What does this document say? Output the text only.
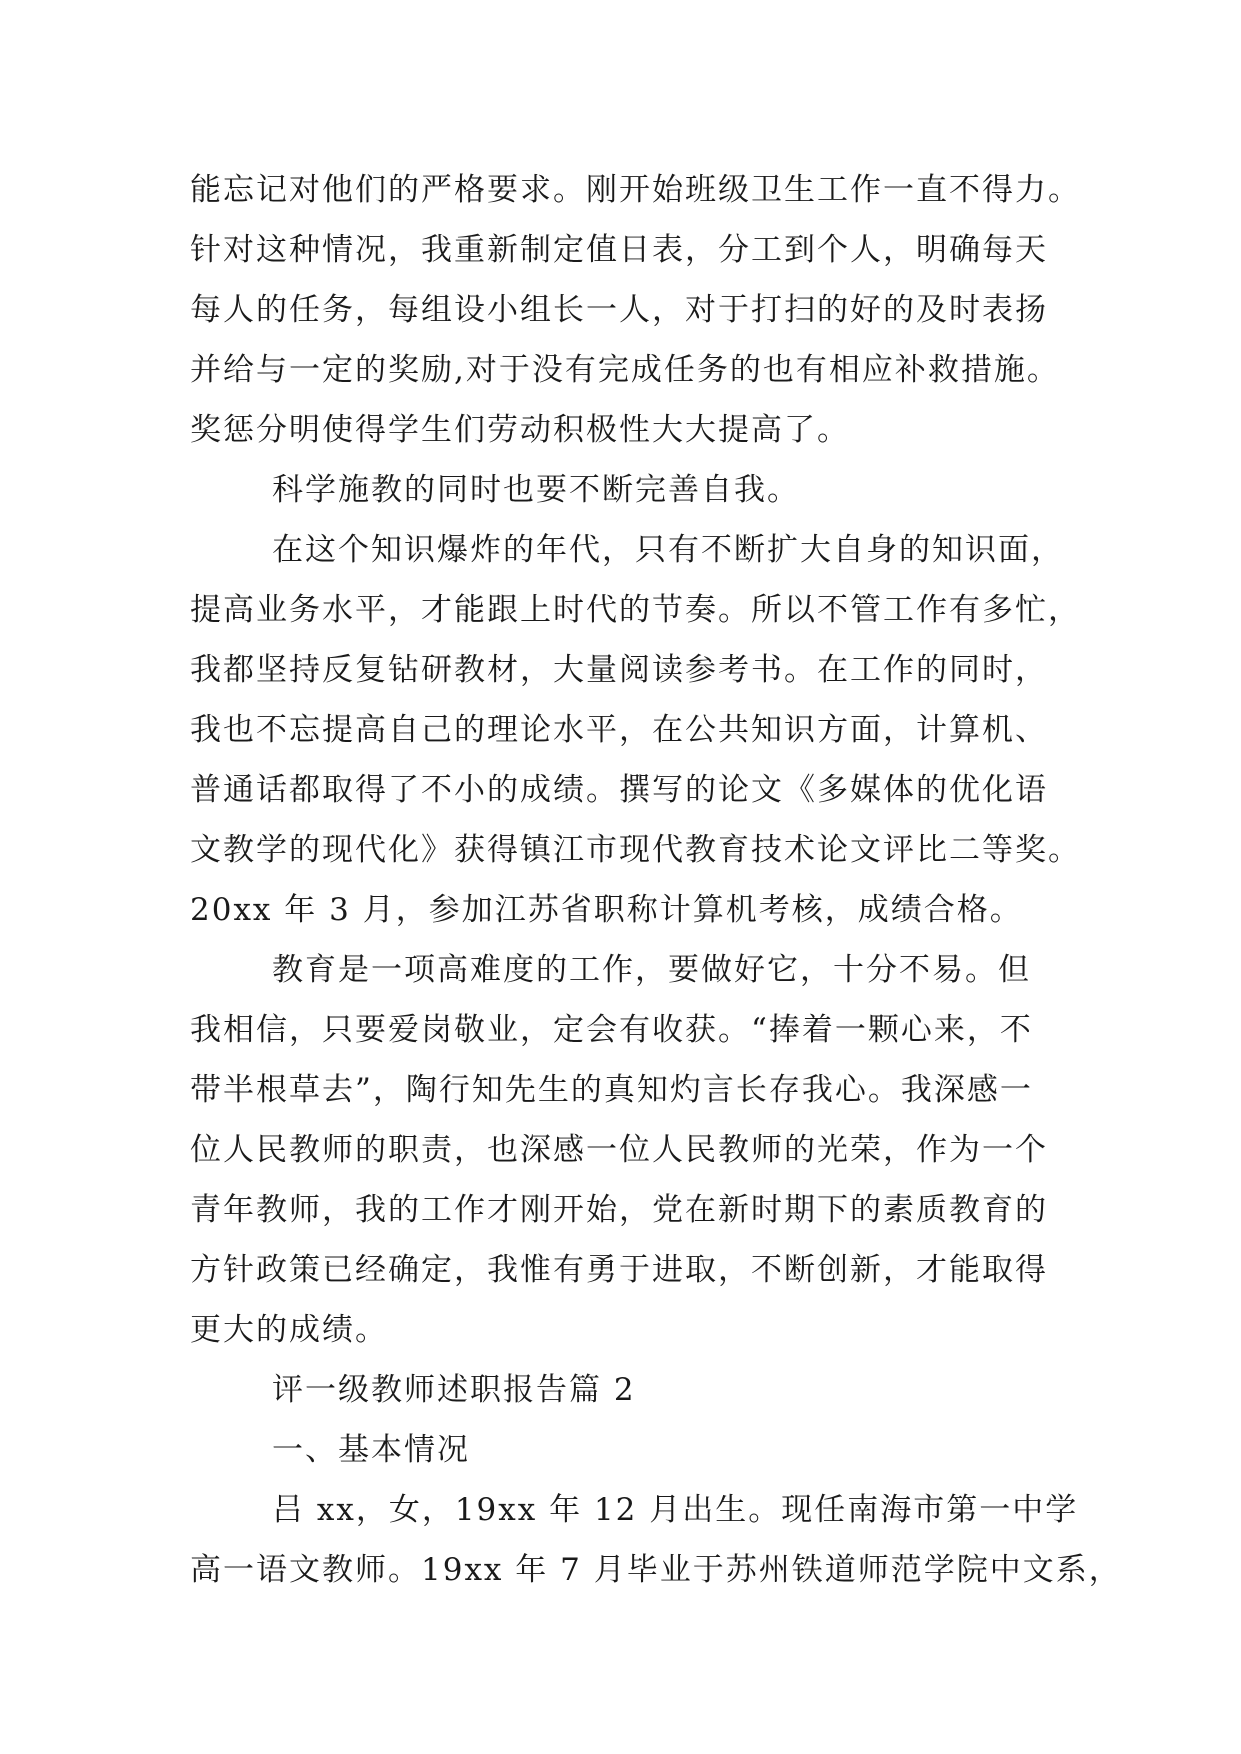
能忘记对他们的严格要求。刚开始班级卫生工作一直不得力。
针对这种情况，我重新制定值日表，分工到个人，明确每天
每人的任务，每组设小组长一人，对于打扫的好的及时表扬
并给与一定的奖励,对于没有完成任务的也有相应补救措施。
奖惩分明使得学生们劳动积极性大大提高了。
科学施教的同时也要不断完善自我。
在这个知识爆炸的年代，只有不断扩大自身的知识面，
提高业务水平，才能跟上时代的节奏。所以不管工作有多忙，
我都坚持反复钻研教材，大量阅读参考书。在工作的同时，
我也不忘提高自己的理论水平，在公共知识方面，计算机、
普通话都取得了不小的成绩。撰写的论文《多媒体的优化语
文教学的现代化》获得镇江市现代教育技术论文评比二等奖。
20xx 年 3 月，参加江苏省职称计算机考核，成绩合格。
教育是一项高难度的工作，要做好它，十分不易。但
我相信，只要爱岗敬业，定会有收获。“捧着一颗心来，不
带半根草去”，陶行知先生的真知灼言长存我心。我深感一
位人民教师的职责，也深感一位人民教师的光荣，作为一个
青年教师，我的工作才刚开始，党在新时期下的素质教育的
方针政策已经确定，我惟有勇于进取，不断创新，才能取得
更大的成绩。
评一级教师述职报告篇 2
一、基本情况
吕 xx，女，19xx 年 12 月出生。现任南海市第一中学
高一语文教师。19xx 年 7 月毕业于苏州铁道师范学院中文系，
